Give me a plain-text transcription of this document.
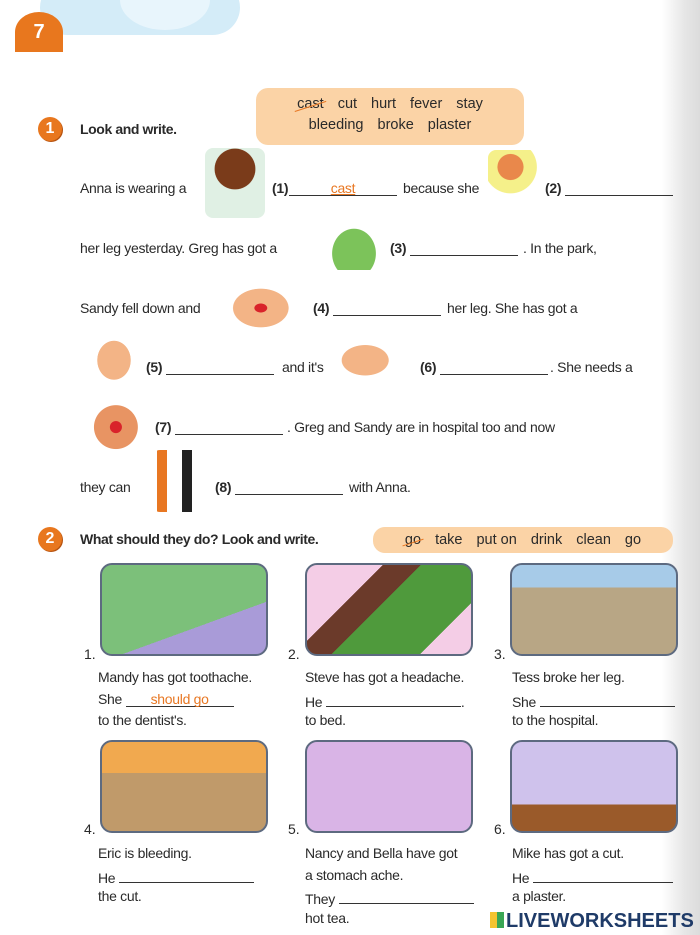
7
1	Look and write.
cast cut hurt fever stay
bleeding broke plaster
Anna is wearing a	(1)	cast	because she	(2)
her leg yesterday. Greg has got a	(3)	. In the park,
Sandy fell down and	(4)	her leg. She has got a
(5)	and it's	(6)	. She needs a
(7)	. Greg and Sandy are in hospital too and now
they can	(8)	with Anna.
2	What should they do? Look and write.	go take put on drink clean go
1.	2.	3.
4.	5.	6.
Mandy has got toothache.
She should go
to the dentist's.
Steve has got a headache.
He	.
to bed.
Tess broke her leg.
She
to the hospital.
Eric is bleeding.
He
the cut.
Nancy and Bella have got
a stomach ache.
They
hot tea.
Mike has got a cut.
He
a plaster.
LIVEWORKSHEETS
